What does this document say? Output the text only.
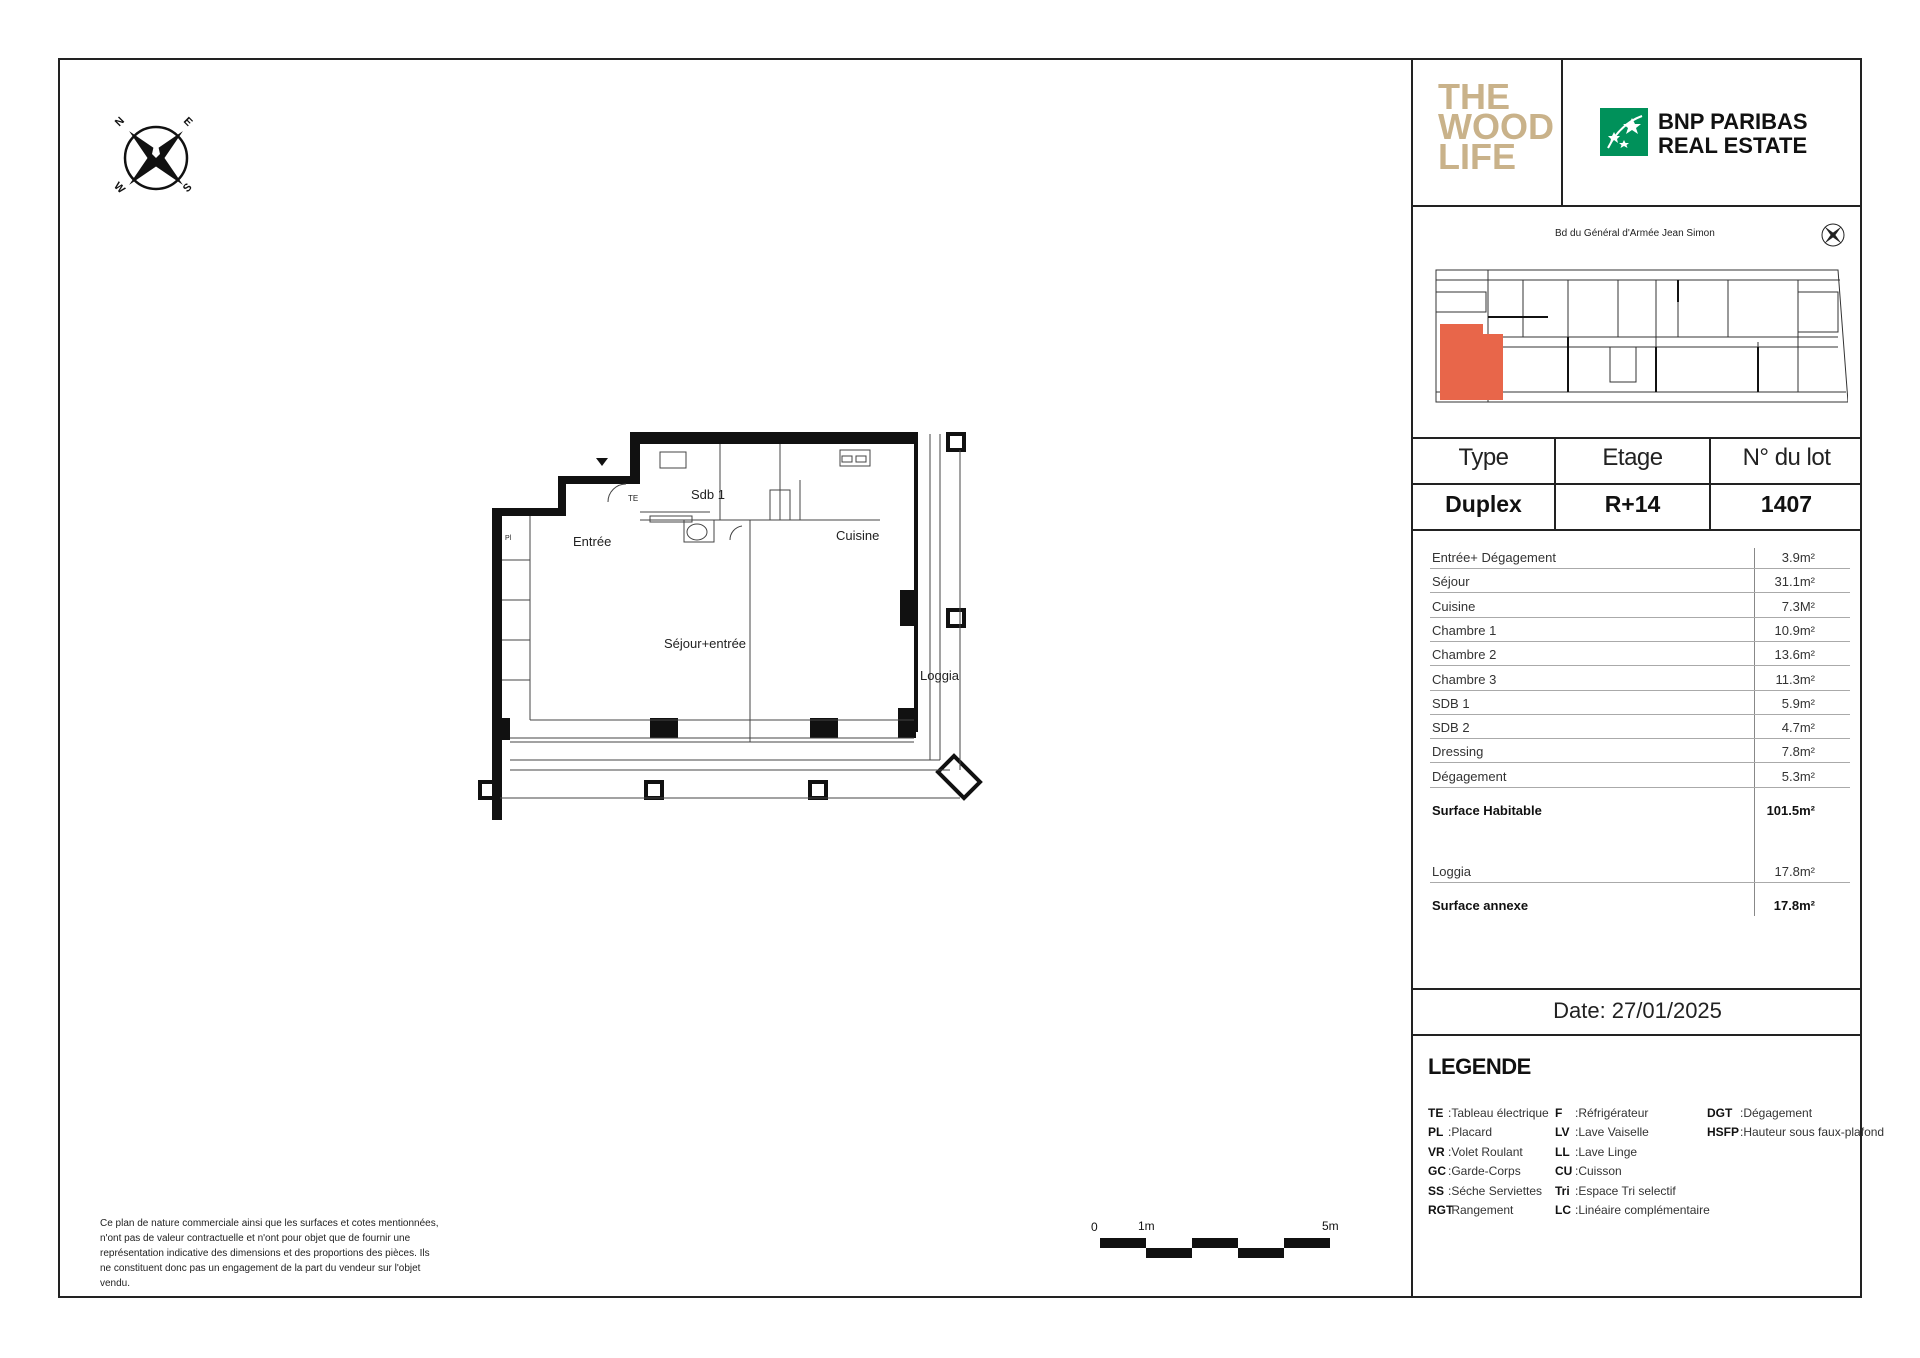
THE
WOOD
LIFE
BNP PARIBAS
REAL ESTATE
Bd du Général d'Armée Jean Simon
Type	Etage	N° du lot
Duplex	R+14	1407
Entrée+ Dégagement	3.9m²
Séjour	31.1m²
Cuisine	7.3M²
Chambre 1	10.9m²
Chambre 2	13.6m²
Chambre 3	11.3m²
SDB 1	5.9m²
SDB 2	4.7m²
Dressing	7.8m²
Dégagement	5.3m²
Surface Habitable	101.5m²
Loggia	17.8m²
Surface annexe	17.8m²
Date: 27/01/2025
LEGENDE
TE :Tableau électrique
PL :Placard
VR :Volet Roulant
GC :Garde-Corps
SS :Séche Serviettes
RGT
:Rangement
F :Réfrigérateur
LV :Lave Vaiselle
LL :Lave Linge
CU :Cuisson
Tri :Espace Tri selectif
LC :Linéaire complémentaire
DGT :Dégagement
HSFP :Hauteur sous faux-plafond
Ce plan de nature commerciale ainsi que les surfaces et cotes mentionnées, n'ont pas de valeur contractuelle et n'ont pour objet que de fournir une représentation indicative des dimensions et des proportions des pièces. Ils ne constituent donc pas un engagement de la part du vendeur sur l'objet vendu.
N	E
S
W
Sdb 1
Entrée	Cuisine
Séjour+entrée
Loggia
TE
Pl
0	1m	5m
